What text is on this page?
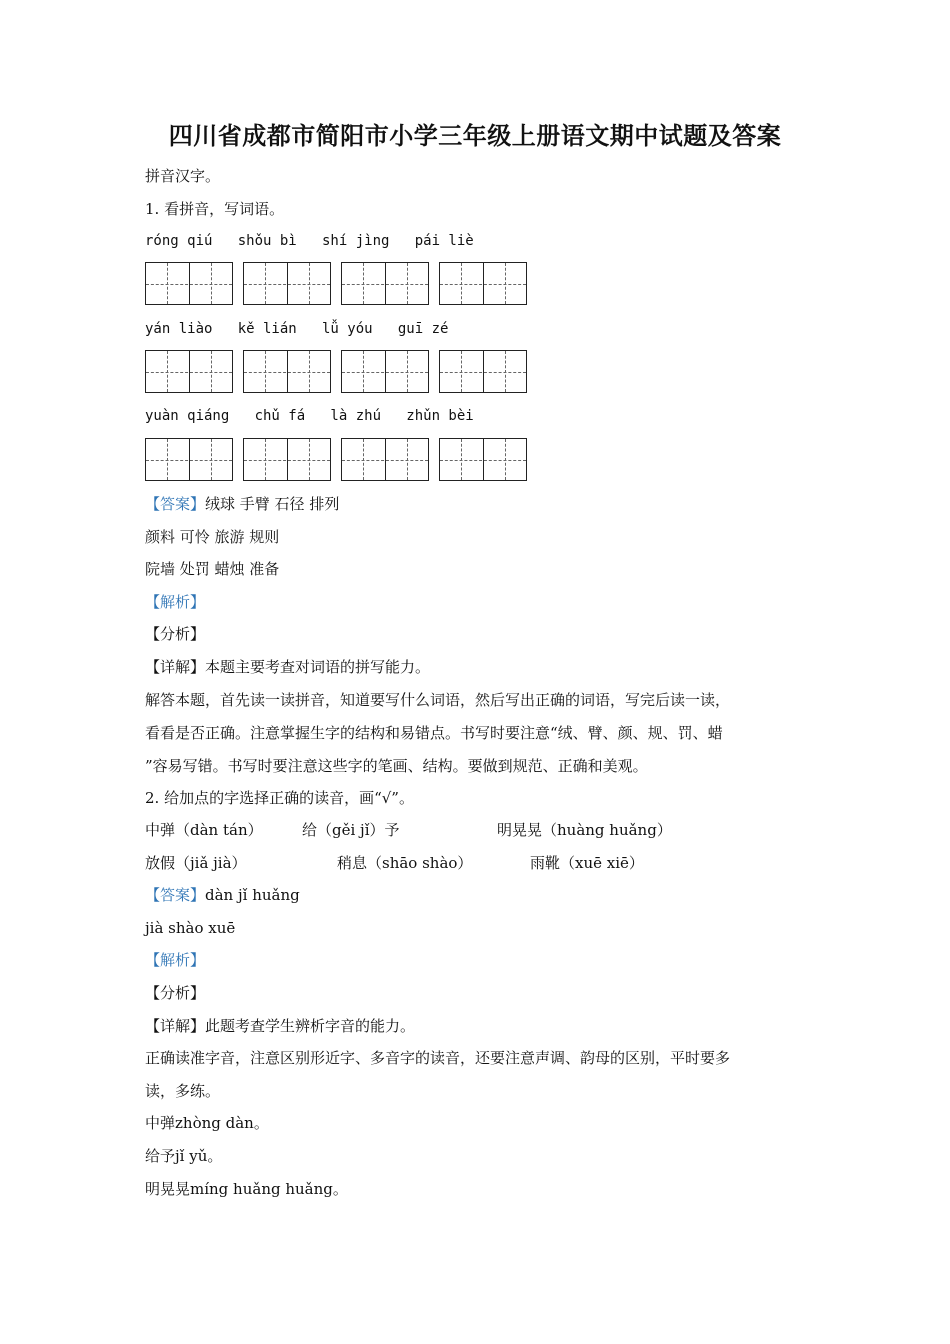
四川省成都市简阳市小学三年级上册语文期中试题及答案
拼音汉字。
1. 看拼音，写词语。
róng qiú   shǒu bì   shí jìng   pái liè
yán liào   kě lián   lǚ yóu   guī zé
yuàn qiáng   chǔ fá   là zhú   zhǔn bèi
【答案】绒球 手臂 石径 排列
颜料 可怜 旅游 规则
院墙 处罚 蜡烛 准备
【解析】
【分析】
【详解】本题主要考查对词语的拼写能力。
解答本题，首先读一读拼音，知道要写什么词语，然后写出正确的词语，写完后读一读，
看看是否正确。注意掌握生字的结构和易错点。书写时要注意“绒、臂、颜、规、罚、蜡
”容易写错。书写时要注意这些字的笔画、结构。要做到规范、正确和美观。
2. 给加点的字选择正确的读音，画“√”。
中弹（dàn tán）	给（gěi jǐ）予	明晃晃（huàng huǎng）
放假（jiǎ jià）	稍息（shāo shào）	雨靴（xuē xiē）
【答案】dàn jǐ huǎng
jià shào xuē
【解析】
【分析】
【详解】此题考查学生辨析字音的能力。
正确读准字音，注意区别形近字、多音字的读音，还要注意声调、韵母的区别，平时要多
读，多练。
中弹zhòng dàn。
给予jǐ yǔ。
明晃晃míng huǎng huǎng。
